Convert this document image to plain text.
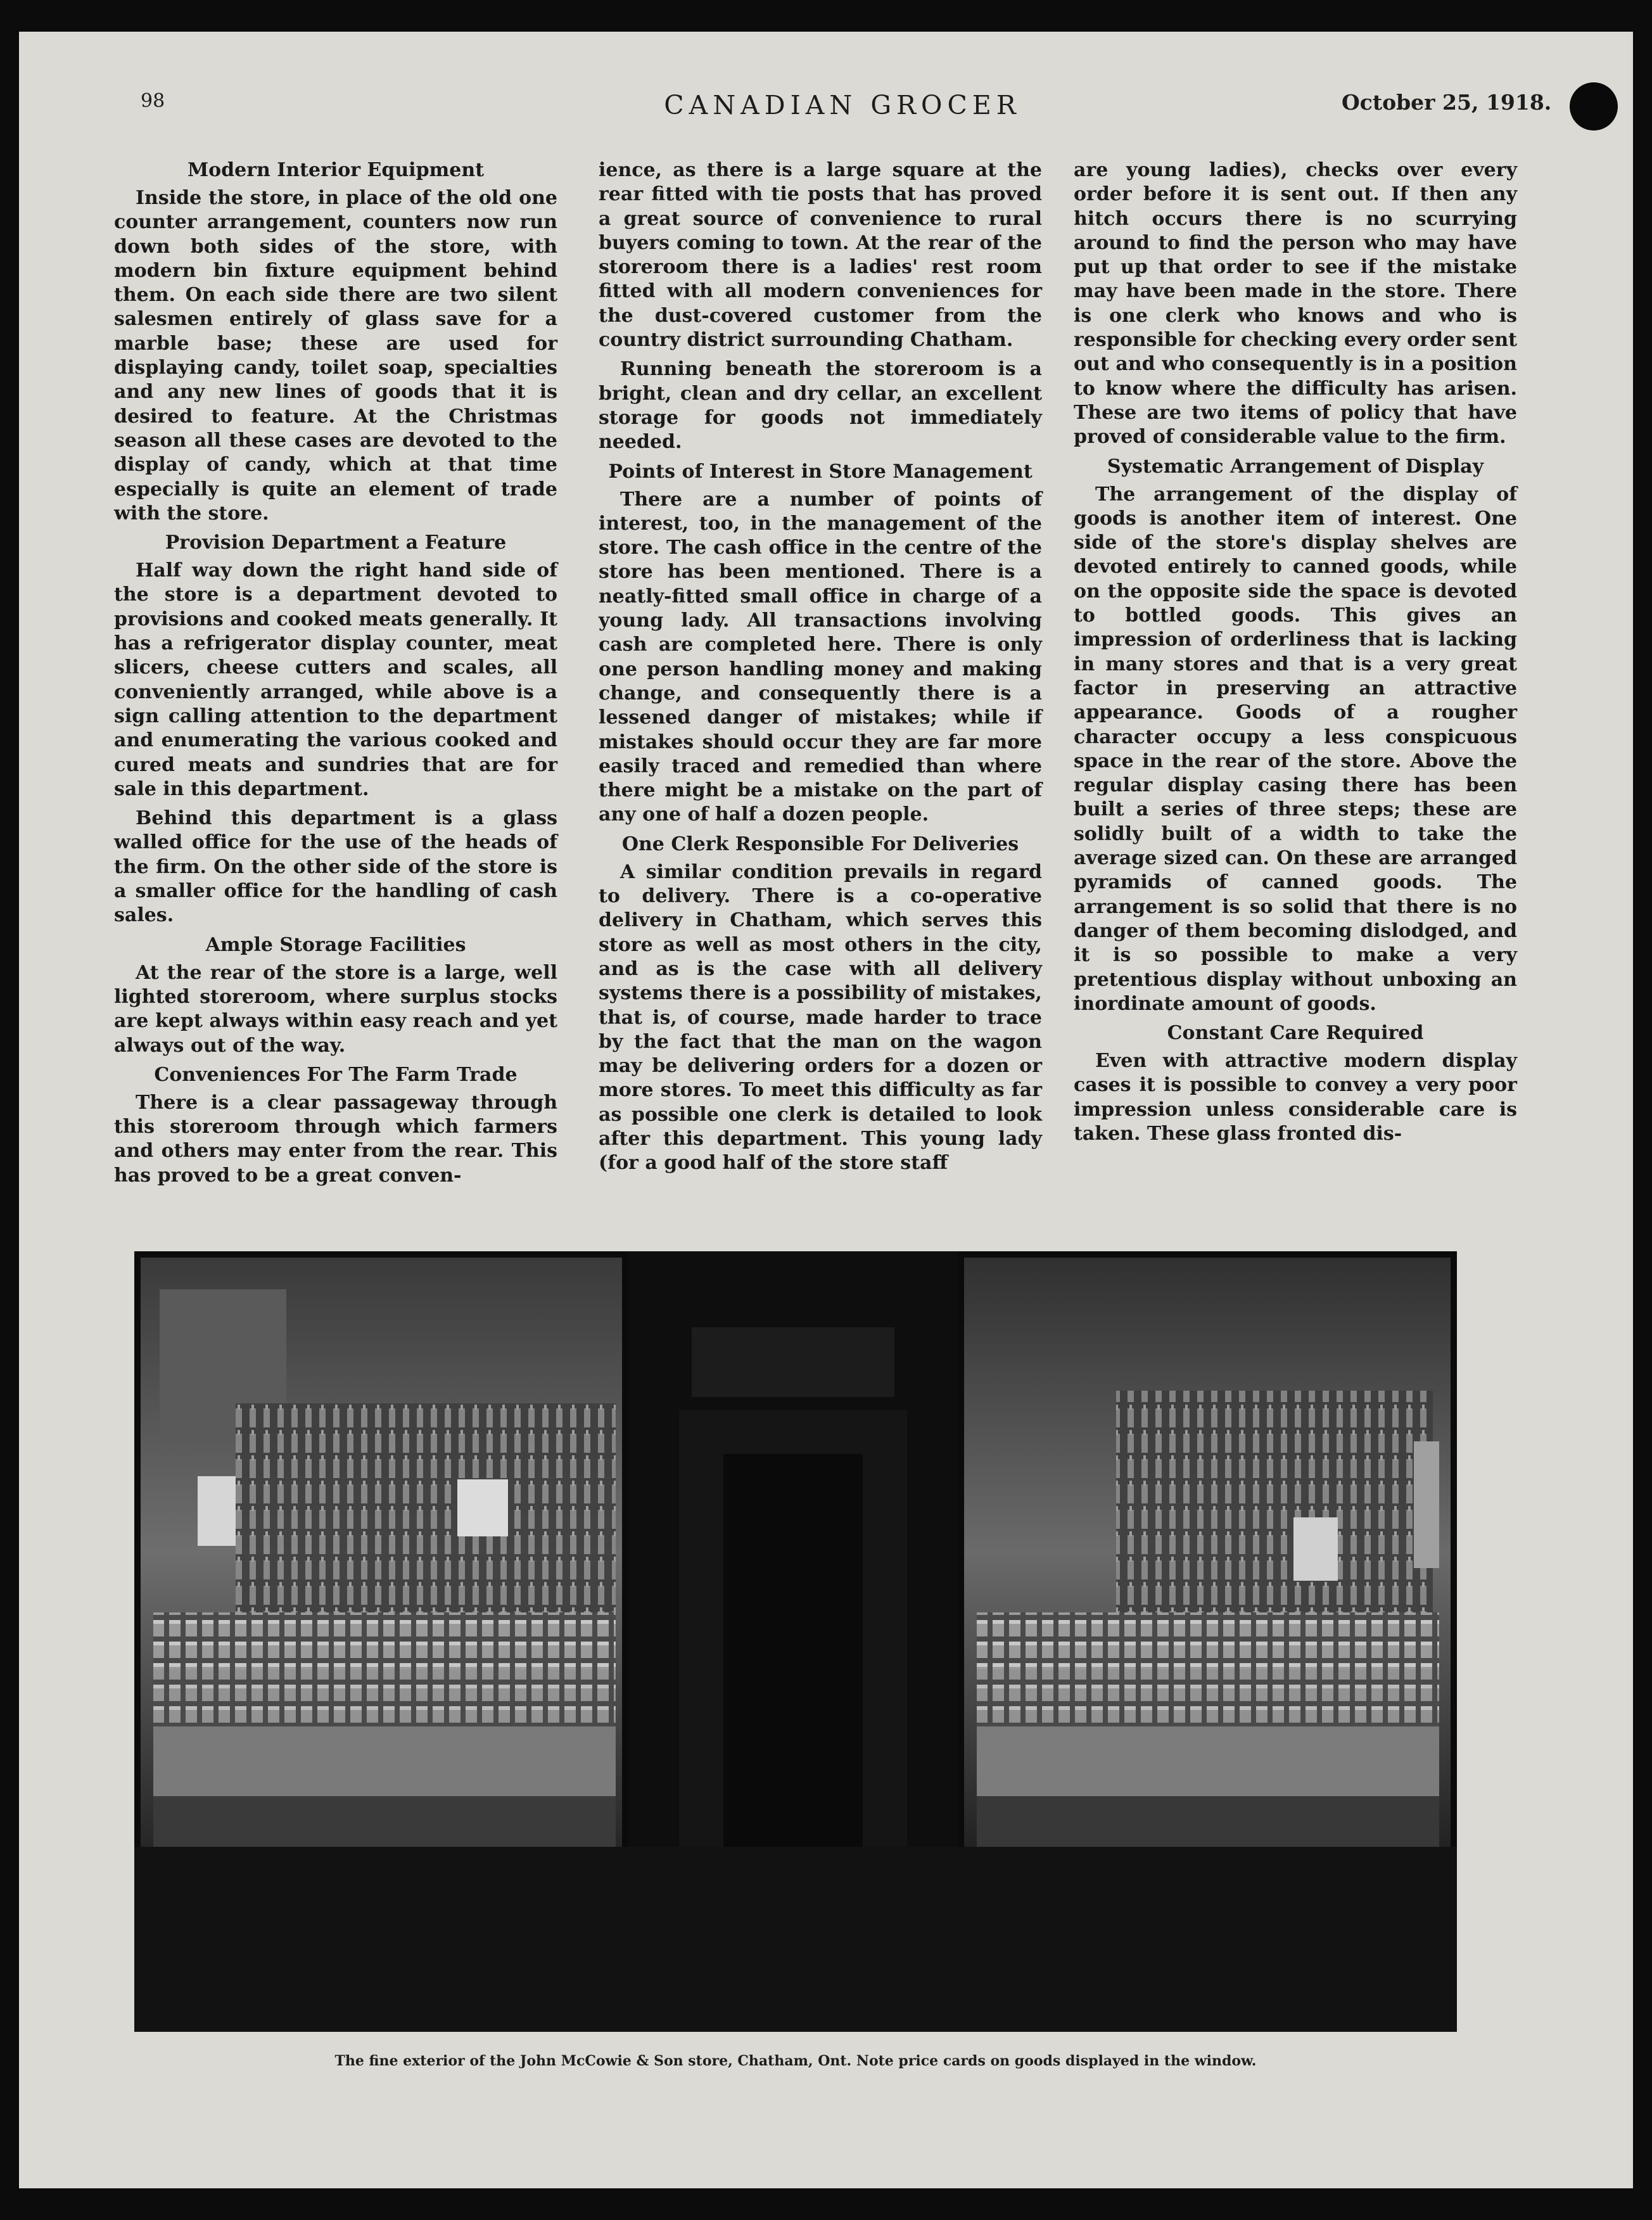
98	CANADIAN GROCER	October 25, 1918.
Modern Interior Equipment

Inside the store, in place of the old one counter arrangement, counters now run down both sides of the store, with modern bin fixture equipment behind them. On each side there are two silent salesmen entirely of glass save for a marble base; these are used for displaying candy, toilet soap, specialties and any new lines of goods that it is desired to feature. At the Christmas season all these cases are devoted to the display of candy, which at that time especially is quite an element of trade with the store.

Provision Department a Feature

Half way down the right hand side of the store is a department devoted to provisions and cooked meats generally. It has a refrigerator display counter, meat slicers, cheese cutters and scales, all conveniently arranged, while above is a sign calling attention to the department and enumerating the various cooked and cured meats and sundries that are for sale in this department.

Behind this department is a glass walled office for the use of the heads of the firm. On the other side of the store is a smaller office for the handling of cash sales.

Ample Storage Facilities

At the rear of the store is a large, well lighted storeroom, where surplus stocks are kept always within easy reach and yet always out of the way.

Conveniences For The Farm Trade

There is a clear passageway through this storeroom through which farmers and others may enter from the rear. This has proved to be a great conven-

ience, as there is a large square at the rear fitted with tie posts that has proved a great source of convenience to rural buyers coming to town. At the rear of the storeroom there is a ladies' rest room fitted with all modern conveniences for the dust-covered customer from the country district surrounding Chatham.

Running beneath the storeroom is a bright, clean and dry cellar, an excellent storage for goods not immediately needed.

Points of Interest in Store Management

There are a number of points of interest, too, in the management of the store. The cash office in the centre of the store has been mentioned. There is a neatly-fitted small office in charge of a young lady. All transactions involving cash are completed here. There is only one person handling money and making change, and consequently there is a lessened danger of mistakes; while if mistakes should occur they are far more easily traced and remedied than where there might be a mistake on the part of any one of half a dozen people.

One Clerk Responsible For Deliveries

A similar condition prevails in regard to delivery. There is a co-operative delivery in Chatham, which serves this store as well as most others in the city, and as is the case with all delivery systems there is a possibility of mistakes, that is, of course, made harder to trace by the fact that the man on the wagon may be delivering orders for a dozen or more stores. To meet this difficulty as far as possible one clerk is detailed to look after this department. This young lady (for a good half of the store staff

are young ladies), checks over every order before it is sent out. If then any hitch occurs there is no scurrying around to find the person who may have put up that order to see if the mistake may have been made in the store. There is one clerk who knows and who is responsible for checking every order sent out and who consequently is in a position to know where the difficulty has arisen. These are two items of policy that have proved of considerable value to the firm.

Systematic Arrangement of Display

The arrangement of the display of goods is another item of interest. One side of the store's display shelves are devoted entirely to canned goods, while on the opposite side the space is devoted to bottled goods. This gives an impression of orderliness that is lacking in many stores and that is a very great factor in preserving an attractive appearance. Goods of a rougher character occupy a less conspicuous space in the rear of the store. Above the regular display casing there has been built a series of three steps; these are solidly built of a width to take the average sized can. On these are arranged pyramids of canned goods. The arrangement is so solid that there is no danger of them becoming dislodged, and it is so possible to make a very pretentious display without unboxing an inordinate amount of goods.

Constant Care Required

Even with attractive modern display cases it is possible to convey a very poor impression unless considerable care is taken. These glass fronted dis-

The fine exterior of the John McCowie & Son store, Chatham, Ont. Note price cards on goods displayed in the window.
